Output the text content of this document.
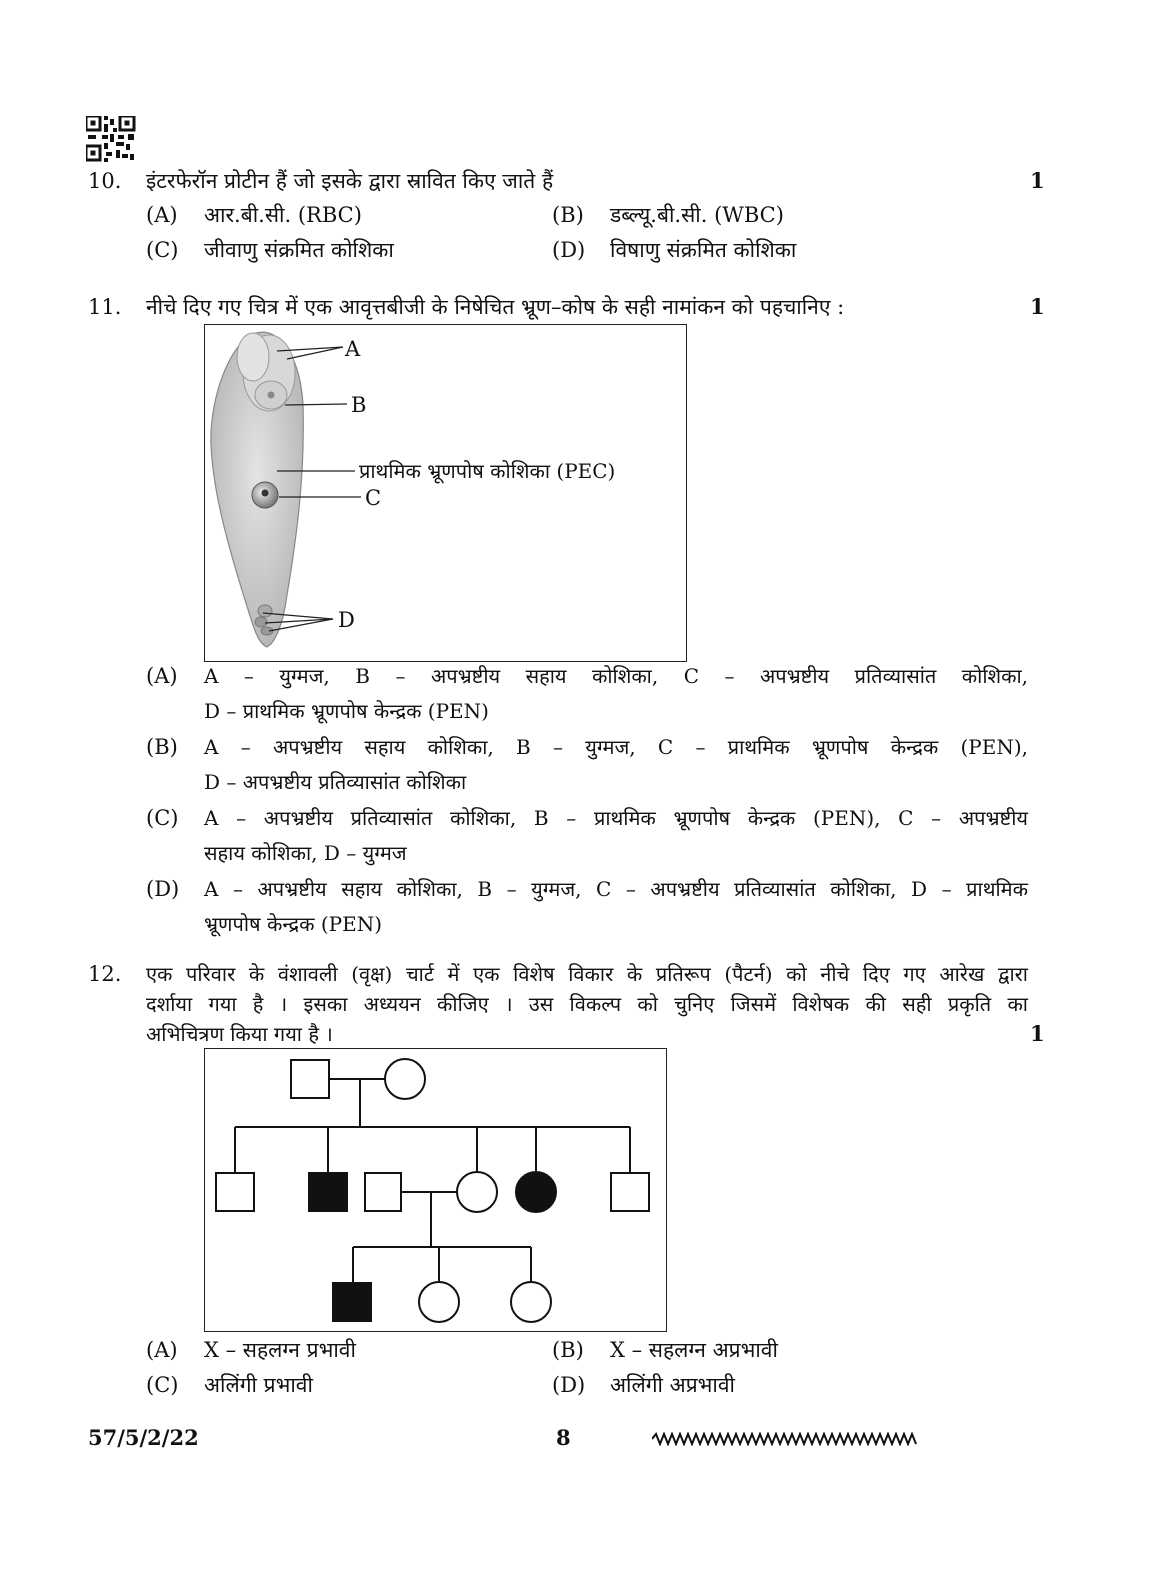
10. इंटरफेरॉन प्रोटीन हैं जो इसके द्वारा स्रावित किए जाते हैं	1
(A) आर.बी.सी. (RBC)	(B) डब्ल्यू.बी.सी. (WBC)
(C) जीवाणु संक्रमित कोशिका	(D) विषाणु संक्रमित कोशिका
11. नीचे दिए गए चित्र में एक आवृत्तबीजी के निषेचित भ्रूण–कोष के सही नामांकन को पहचानिए :	1
A
B
प्राथमिक भ्रूणपोष कोशिका (PEC)
C
D
(A) A – युग्मज, B – अपभ्रष्टीय सहाय कोशिका, C – अपभ्रष्टीय प्रतिव्यासांत कोशिका,
D – प्राथमिक भ्रूणपोष केन्द्रक (PEN)
(B) A – अपभ्रष्टीय सहाय कोशिका, B – युग्मज, C – प्राथमिक भ्रूणपोष केन्द्रक (PEN),
D – अपभ्रष्टीय प्रतिव्यासांत कोशिका
(C) A – अपभ्रष्टीय प्रतिव्यासांत कोशिका, B – प्राथमिक भ्रूणपोष केन्द्रक (PEN), C – अपभ्रष्टीय
सहाय कोशिका, D – युग्मज
(D) A – अपभ्रष्टीय सहाय कोशिका, B – युग्मज, C – अपभ्रष्टीय प्रतिव्यासांत कोशिका, D – प्राथमिक
भ्रूणपोष केन्द्रक (PEN)
12. एक परिवार के वंशावली (वृक्ष) चार्ट में एक विशेष विकार के प्रतिरूप (पैटर्न) को नीचे दिए गए आरेख द्वारा
दर्शाया गया है । इसका अध्ययन कीजिए । उस विकल्प को चुनिए जिसमें विशेषक की सही प्रकृति का
अभिचित्रण किया गया है ।	1
(A) X – सहलग्न प्रभावी	(B) X – सहलग्न अप्रभावी
(C) अलिंगी प्रभावी	(D) अलिंगी अप्रभावी
57/5/2/22	8
